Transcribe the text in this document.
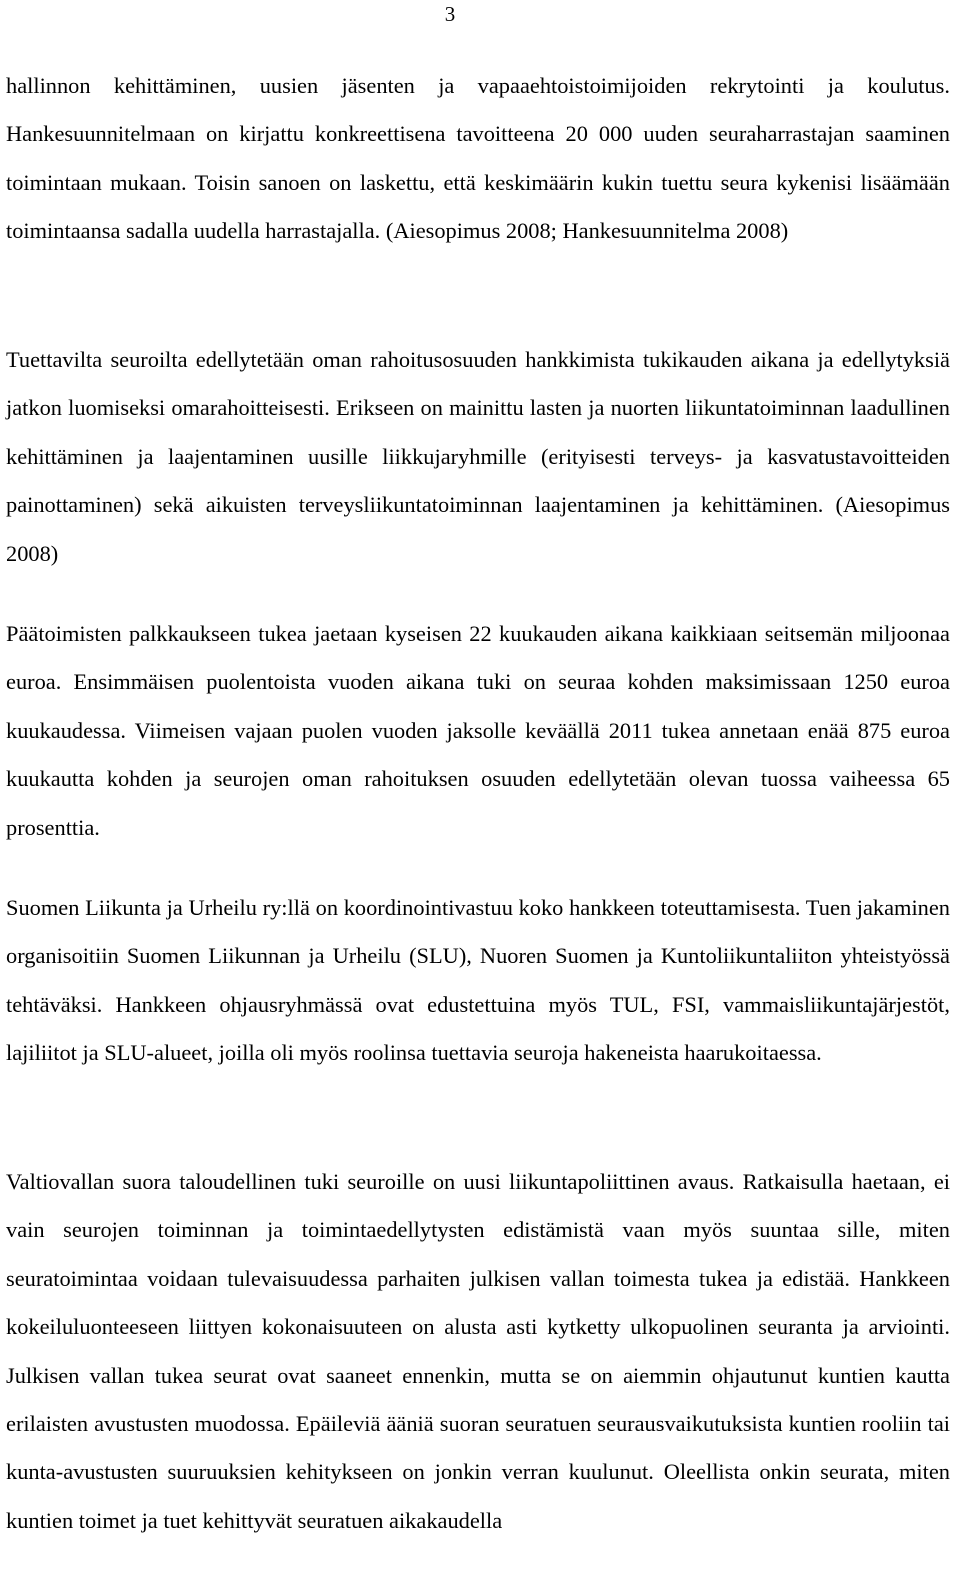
3

hallinnon kehittäminen, uusien jäsenten ja vapaaehtoistoimijoiden rekrytointi ja koulutus. Hankesuunnitelmaan on kirjattu konkreettisena tavoitteena 20 000 uuden seuraharrastajan saaminen toimintaan mukaan. Toisin sanoen on laskettu, että keskimäärin kukin tuettu seura kykenisi lisäämään toimintaansa sadalla uudella harrastajalla. (Aiesopimus 2008; Hankesuunnitelma 2008)

Tuettavilta seuroilta edellytetään oman rahoitusosuuden hankkimista tukikauden aikana ja edellytyksiä jatkon luomiseksi omarahoitteisesti. Erikseen on mainittu lasten ja nuorten liikuntatoiminnan laadullinen kehittäminen ja laajentaminen uusille liikkujaryhmille (erityisesti terveys- ja kasvatustavoitteiden painottaminen) sekä aikuisten terveysliikuntatoiminnan laajentaminen ja kehittäminen. (Aiesopimus 2008)

Päätoimisten palkkaukseen tukea jaetaan kyseisen 22 kuukauden aikana kaikkiaan seitsemän miljoonaa euroa. Ensimmäisen puolentoista vuoden aikana tuki on seuraa kohden maksimissaan 1250 euroa kuukaudessa. Viimeisen vajaan puolen vuoden jaksolle keväällä 2011 tukea annetaan enää 875 euroa kuukautta kohden ja seurojen oman rahoituksen osuuden edellytetään olevan tuossa vaiheessa 65 prosenttia.

Suomen Liikunta ja Urheilu ry:llä on koordinointivastuu koko hankkeen toteuttamisesta. Tuen jakaminen organisoitiin Suomen Liikunnan ja Urheilu (SLU), Nuoren Suomen ja Kuntoliikuntaliiton yhteistyössä tehtäväksi. Hankkeen ohjausryhmässä ovat edustettuina myös TUL, FSI, vammaisliikuntajärjestöt, lajiliitot ja SLU-alueet, joilla oli myös roolinsa tuettavia seuroja hakeneista haarukoitaessa.

Valtiovallan suora taloudellinen tuki seuroille on uusi liikuntapoliittinen avaus. Ratkaisulla haetaan, ei vain seurojen toiminnan ja toimintaedellytysten edistämistä vaan myös suuntaa sille, miten seuratoimintaa voidaan tulevaisuudessa parhaiten julkisen vallan toimesta tukea ja edistää. Hankkeen kokeiluluonteeseen liittyen kokonaisuuteen on alusta asti kytketty ulkopuolinen seuranta ja arviointi. Julkisen vallan tukea seurat ovat saaneet ennenkin, mutta se on aiemmin ohjautunut kuntien kautta erilaisten avustusten muodossa. Epäileviä ääniä suoran seuratuen seurausvaikutuksista kuntien rooliin tai kunta-avustusten suuruuksien kehitykseen on jonkin verran kuulunut. Oleellista onkin seurata, miten kuntien toimet ja tuet kehittyvät seuratuen aikakaudella
